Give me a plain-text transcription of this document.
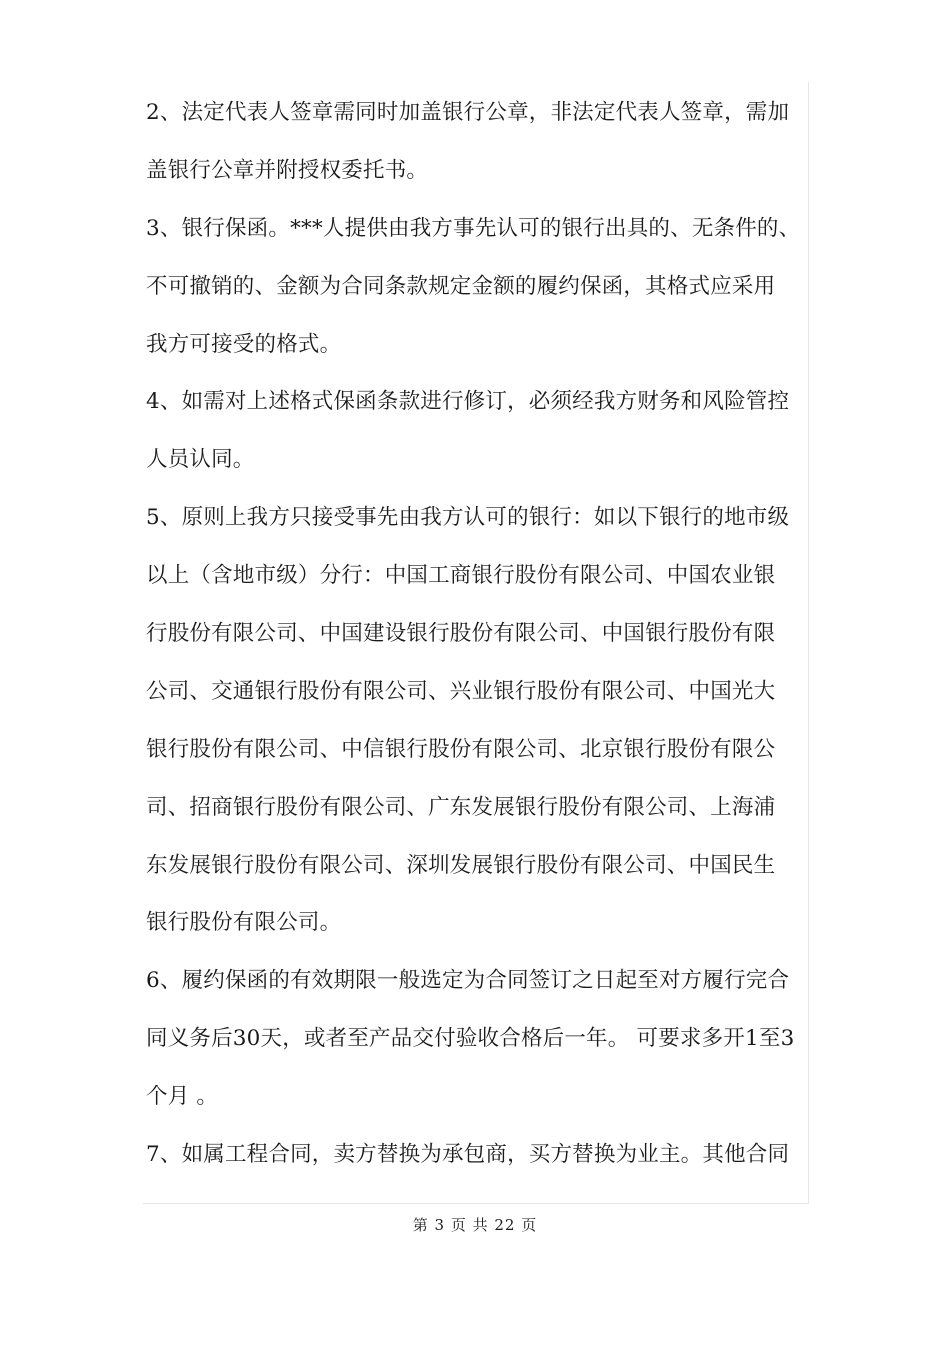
2、法定代表人签章需同时加盖银行公章，非法定代表人签章，需加
盖银行公章并附授权委托书。
3、银行保函。***人提供由我方事先认可的银行出具的、无条件的、
不可撤销的、金额为合同条款规定金额的履约保函，其格式应采用
我方可接受的格式。
4、如需对上述格式保函条款进行修订，必须经我方财务和风险管控
人员认同。
5、原则上我方只接受事先由我方认可的银行：如以下银行的地市级
以上（含地市级）分行：中国工商银行股份有限公司、中国农业银
行股份有限公司、中国建设银行股份有限公司、中国银行股份有限
公司、交通银行股份有限公司、兴业银行股份有限公司、中国光大
银行股份有限公司、中信银行股份有限公司、北京银行股份有限公
司、招商银行股份有限公司、广东发展银行股份有限公司、上海浦
东发展银行股份有限公司、深圳发展银行股份有限公司、中国民生
银行股份有限公司。
6、履约保函的有效期限一般选定为合同签订之日起至对方履行完合
同义务后30天，或者至产品交付验收合格后一年。 可要求多开1至3
个月 。
7、如属工程合同，卖方替换为承包商，买方替换为业主。其他合同
第 3 页 共 22 页
